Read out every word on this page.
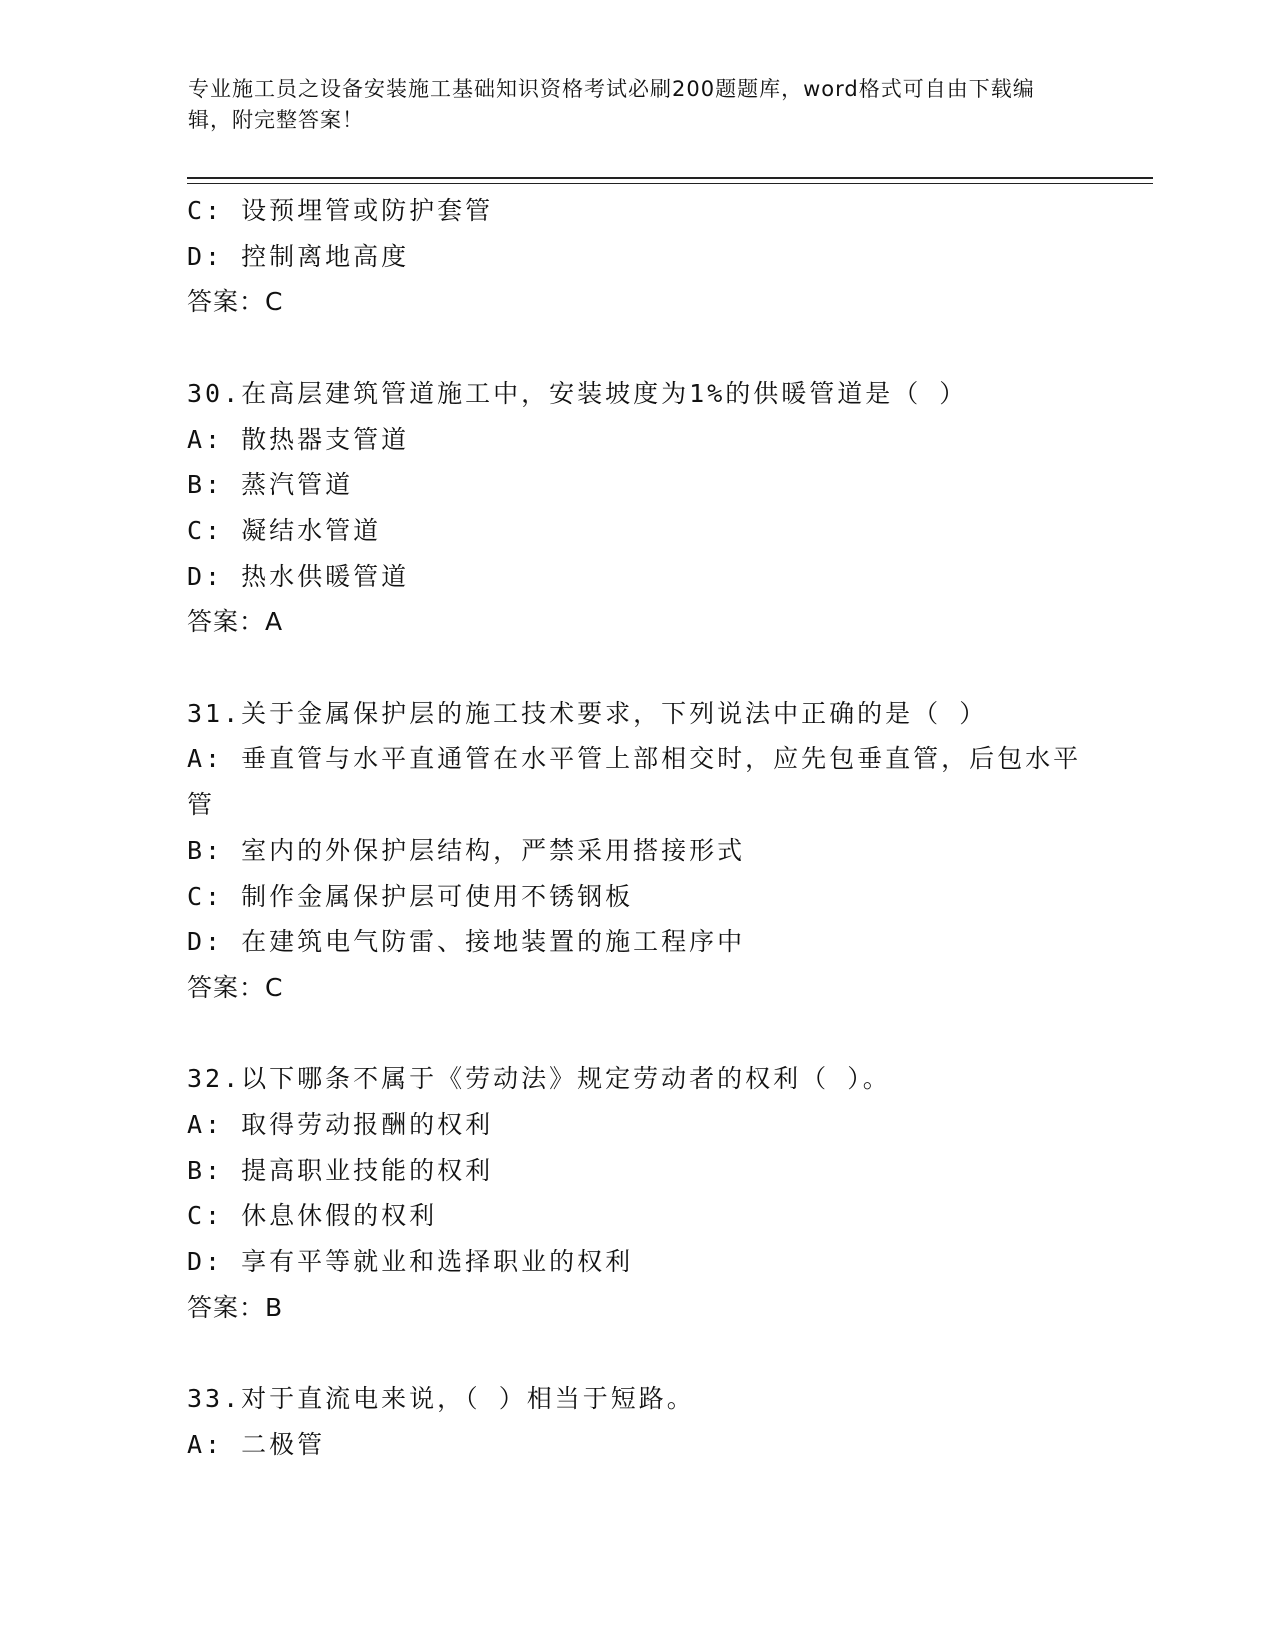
专业施工员之设备安装施工基础知识资格考试必刷200题题库，word格式可自由下载编辑，附完整答案！
C: 设预埋管或防护套管
D: 控制离地高度
答案：C
30.在高层建筑管道施工中，安装坡度为1%的供暖管道是（ ）
A: 散热器支管道
B: 蒸汽管道
C: 凝结水管道
D: 热水供暖管道
答案：A
31.关于金属保护层的施工技术要求，下列说法中正确的是（ ）
A: 垂直管与水平直通管在水平管上部相交时，应先包垂直管，后包水平管
B: 室内的外保护层结构，严禁采用搭接形式
C: 制作金属保护层可使用不锈钢板
D: 在建筑电气防雷、接地装置的施工程序中
答案：C
32.以下哪条不属于《劳动法》规定劳动者的权利（ ）。
A: 取得劳动报酬的权利
B: 提高职业技能的权利
C: 休息休假的权利
D: 享有平等就业和选择职业的权利
答案：B
33.对于直流电来说，（ ）相当于短路。
A: 二极管
